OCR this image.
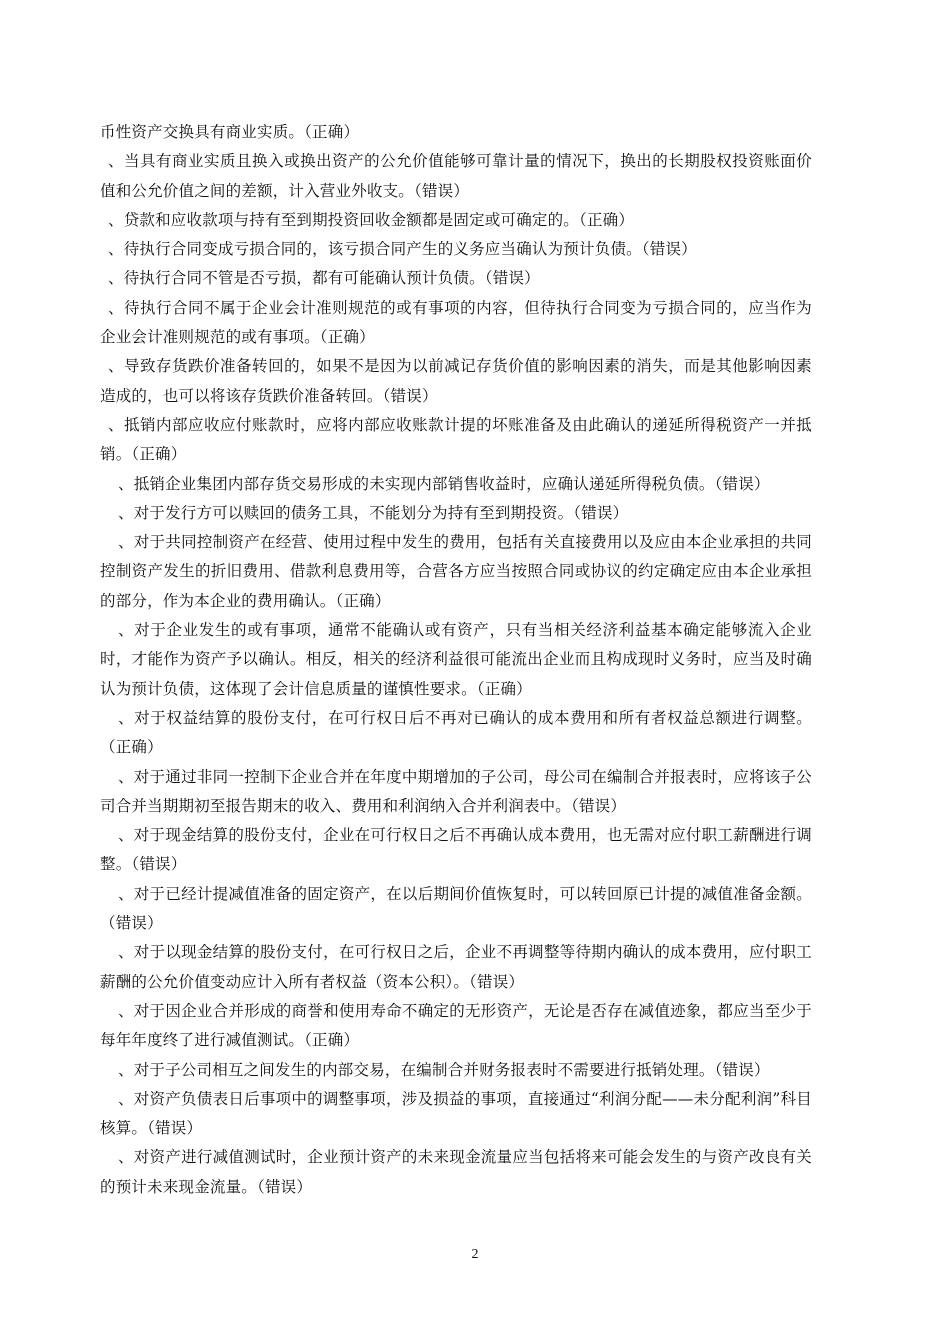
币性资产交换具有商业实质。（正确）

、当具有商业实质且换入或换出资产的公允价值能够可靠计量的情况下，换出的长期股权投资账面价值和公允价值之间的差额，计入营业外收支。（错误）

、贷款和应收款项与持有至到期投资回收金额都是固定或可确定的。（正确）

、待执行合同变成亏损合同的，该亏损合同产生的义务应当确认为预计负债。（错误）

、待执行合同不管是否亏损，都有可能确认预计负债。（错误）

、待执行合同不属于企业会计准则规范的或有事项的内容，但待执行合同变为亏损合同的，应当作为企业会计准则规范的或有事项。（正确）

、导致存货跌价准备转回的，如果不是因为以前减记存货价值的影响因素的消失，而是其他影响因素造成的，也可以将该存货跌价准备转回。（错误）

、抵销内部应收应付账款时，应将内部应收账款计提的坏账准备及由此确认的递延所得税资产一并抵销。（正确）

、抵销企业集团内部存货交易形成的未实现内部销售收益时，应确认递延所得税负债。（错误）

、对于发行方可以赎回的债务工具，不能划分为持有至到期投资。（错误）

、对于共同控制资产在经营、使用过程中发生的费用，包括有关直接费用以及应由本企业承担的共同控制资产发生的折旧费用、借款利息费用等，合营各方应当按照合同或协议的约定确定应由本企业承担的部分，作为本企业的费用确认。（正确）

、对于企业发生的或有事项，通常不能确认或有资产，只有当相关经济利益基本确定能够流入企业时，才能作为资产予以确认。相反，相关的经济利益很可能流出企业而且构成现时义务时，应当及时确认为预计负债，这体现了会计信息质量的谨慎性要求。（正确）

、对于权益结算的股份支付，在可行权日后不再对已确认的成本费用和所有者权益总额进行调整。（正确）

、对于通过非同一控制下企业合并在年度中期增加的子公司，母公司在编制合并报表时，应将该子公司合并当期期初至报告期末的收入、费用和利润纳入合并利润表中。（错误）

、对于现金结算的股份支付，企业在可行权日之后不再确认成本费用，也无需对应付职工薪酬进行调整。（错误）

、对于已经计提减值准备的固定资产，在以后期间价值恢复时，可以转回原已计提的减值准备金额。（错误）

、对于以现金结算的股份支付，在可行权日之后，企业不再调整等待期内确认的成本费用，应付职工薪酬的公允价值变动应计入所有者权益（资本公积）。（错误）

、对于因企业合并形成的商誉和使用寿命不确定的无形资产，无论是否存在减值迹象，都应当至少于每年年度终了进行减值测试。（正确）

、对于子公司相互之间发生的内部交易，在编制合并财务报表时不需要进行抵销处理。（错误）

、对资产负债表日后事项中的调整事项，涉及损益的事项，直接通过“利润分配——未分配利润”科目核算。（错误）

、对资产进行减值测试时，企业预计资产的未来现金流量应当包括将来可能会发生的与资产改良有关的预计未来现金流量。（错误）

2
